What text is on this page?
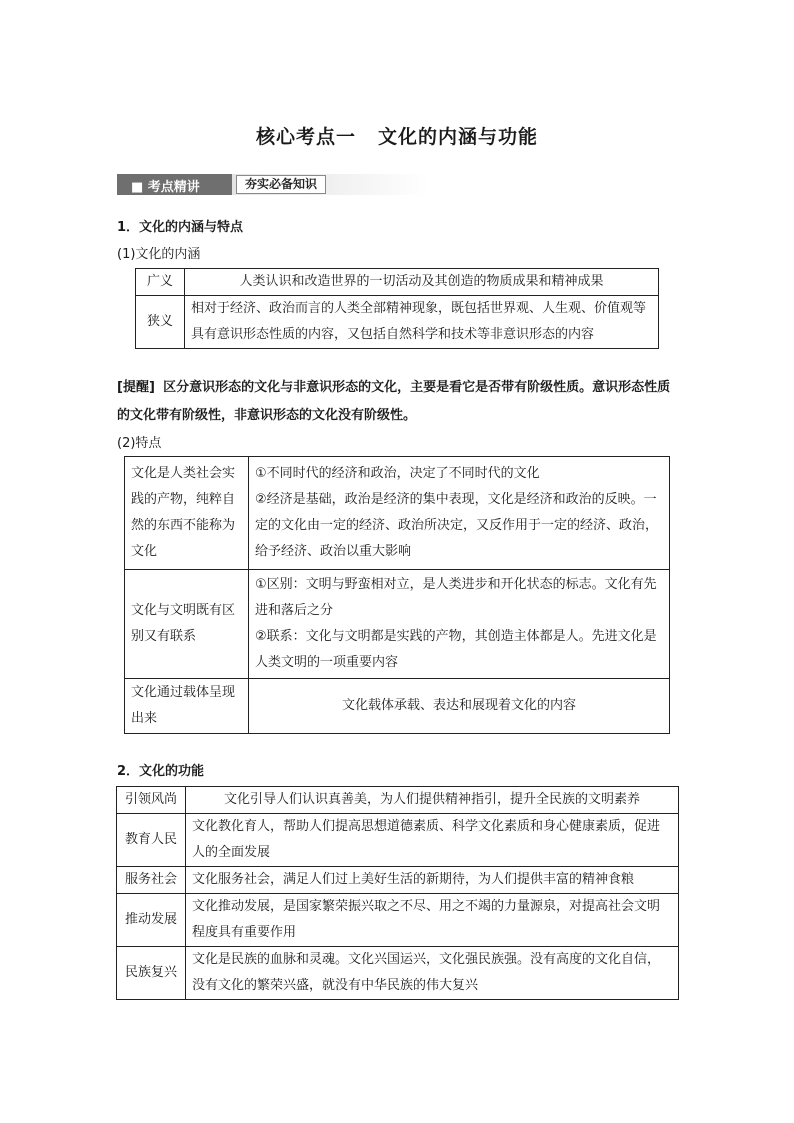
核心考点一 文化的内涵与功能
■ 考点精讲	夯实必备知识
1．文化的内涵与特点
(1)文化的内涵
广义	人类认识和改造世界的一切活动及其创造的物质成果和精神成果
狭义	相对于经济、政治而言的人类全部精神现象，既包括世界观、人生观、价值观等具有意识形态性质的内容，又包括自然科学和技术等非意识形态的内容
[提醒] 区分意识形态的文化与非意识形态的文化，主要是看它是否带有阶级性质。意识形态性质的文化带有阶级性，非意识形态的文化没有阶级性。
(2)特点
文化是人类社会实践的产物，纯粹自然的东西不能称为文化	①不同时代的经济和政治，决定了不同时代的文化
②经济是基础，政治是经济的集中表现，文化是经济和政治的反映。一定的文化由一定的经济、政治所决定，又反作用于一定的经济、政治，给予经济、政治以重大影响

文化与文明既有区别又有联系	①区别：文明与野蛮相对立，是人类进步和开化状态的标志。文化有先进和落后之分
②联系：文化与文明都是实践的产物，其创造主体都是人。先进文化是人类文明的一项重要内容

文化通过载体呈现出来	文化载体承载、表达和展现着文化的内容
2．文化的功能
引领风尚	文化引导人们认识真善美，为人们提供精神指引，提升全民族的文明素养
教育人民	文化教化育人，帮助人们提高思想道德素质、科学文化素质和身心健康素质，促进人的全面发展
服务社会	文化服务社会，满足人们过上美好生活的新期待，为人们提供丰富的精神食粮
推动发展	文化推动发展，是国家繁荣振兴取之不尽、用之不竭的力量源泉，对提高社会文明程度具有重要作用
民族复兴	文化是民族的血脉和灵魂。文化兴国运兴，文化强民族强。没有高度的文化自信，没有文化的繁荣兴盛，就没有中华民族的伟大复兴
